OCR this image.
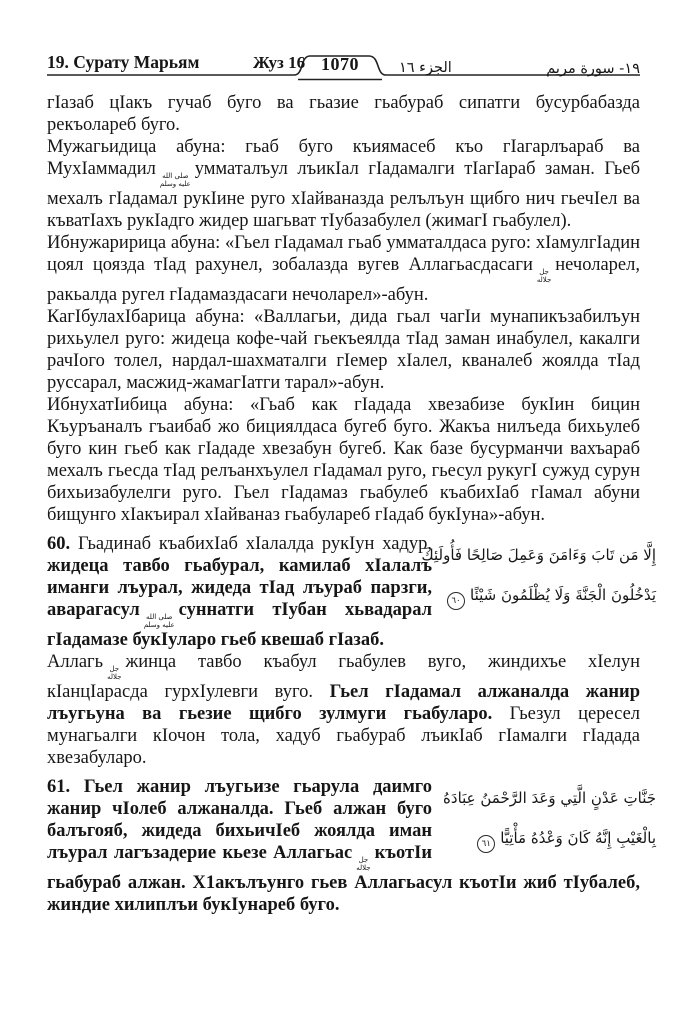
19. Сурату Марьям	Жуз 16 1070	الجزء ١٦	١٩- سورة مريم

гIазаб цIакъ гучаб буго ва гьазие гьабураб сипатги бусурбабазда рекъолареб буго.

Мужагьидица абуна: гьаб буго къиямасеб къо гIагарлъараб ва МухIаммадил صلى الله
عليه وسلم
умматалъул лъикIал гIадамалги тIагIараб заман. Гьеб мехалъ гIадамал рукIине руго хIайваназда релълъун щибго нич гьечIел ва къватIахъ рукIадго жидер шагьват тIубазабулел (жимагI гьабулел).

Ибнужаририца абуна: «Гьел гIадамал гьаб умматалдаса руго: хIамулгIадин цоял цоязда тIад рахунел, зобалазда вугев Аллагьасдасаги جل
جلاله
нечоларел, ракьалда ругел гIадамаздасаги нечоларел»-абун.

КагIбулахIбарица абуна: «Валлагьи, дида гьал чагIи мунапикъзабилъун рихьулел руго: жидеца кофе-чай гьекъеялда тIад заман инабулел, какалги рачIого толел, нардал-шахматалги гIемер хIалел, кваналеб жоялда тIад руссарал, масжид-жамагIатги тарал»-абун.

ИбнухатIибица абуна: «Гьаб как гIадада хвезабизе букIин бицин Къуръаналъ гъаибаб жо бициялдаса бугеб буго. Жакъа нилъеда бихьулеб буго кин гьеб как гIададе хвезабун бугеб. Как базе бусурманчи вахъараб мехалъ гьесда тIад релъанхъулел гIадамал руго, гьесул рукугI сужуд сурун бихьизабулелги руго. Гьел гIадамаз гьабулеб къабихIаб гIамал абуни бищунго хIакъирал хIайваназ гьабулареб гIадаб букIуна»-абун.

إِلَّا مَن تَابَ وَءَامَنَ وَعَمِلَ صَالِحًا فَأُولَئِكَ
يَدْخُلُونَ الْجَنَّةَ وَلَا يُظْلَمُونَ شَيْئًا
٦٠

60. Гьадинаб къабихIаб хIалалда рукIун хадур, жидеца тавбо гьабурал, камилаб хIалалъ иманги лъурал, жидеда тIад лъураб парзги, аварагасул صلى الله
عليه وسلم
суннатги тIубан хьвадарал гIадамазе букIуларо гьеб квешаб гIазаб.

Аллагь جل
جلاله
жинца тавбо къабул гьабулев вуго, жиндихъе хIелун кIанцIарасда гурхIулевги вуго. Гьел гIадамал алжаналда жанир лъугьуна ва гьезие щибго зулмуги гьабуларо. Гьезул цересел мунагьалги кIочон тола, хадуб гьабураб лъикIаб гIамалги гIадада хвезабуларо.

جَنَّاتِ عَدْنٍ الَّتِي وَعَدَ الرَّحْمَنُ عِبَادَهُ
بِالْغَيْبِ إِنَّهُ كَانَ وَعْدُهُ مَأْتِيًّا
٦١

61. Гьел жанир лъугьизе гьарула даимго жанир чIолеб алжаналда. Гьеб алжан буго балъгояб, жидеда бихьичIеб жоялда иман лъурал лагъзадерие кьезе Аллагьас جل
جلاله
къотIи гьабураб алжан. Х1акълъунго гьев Аллагьасул къотIи жиб тIубалеб, жиндие хилиплъи букIунареб буго.
